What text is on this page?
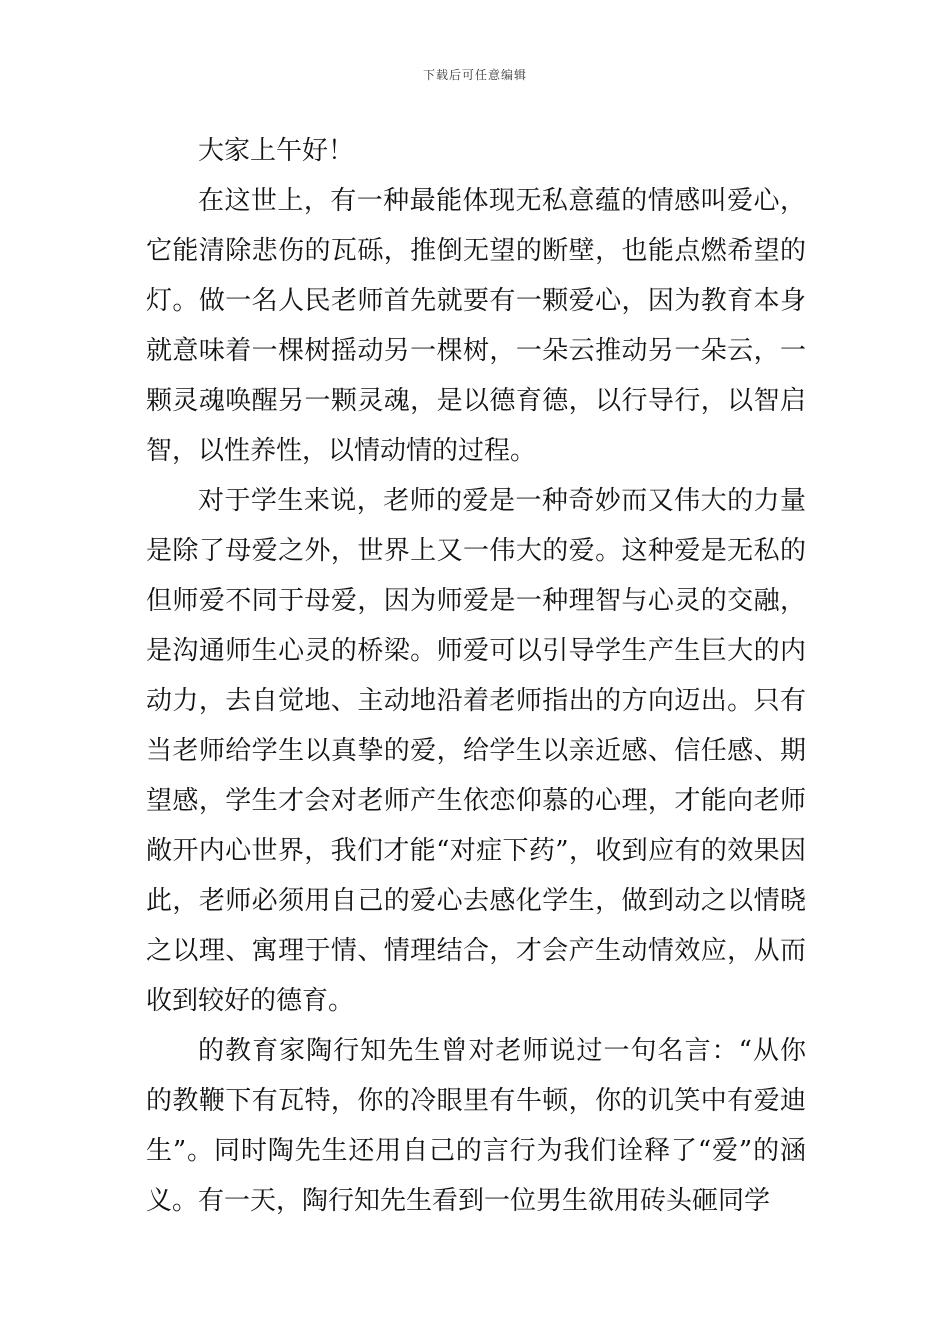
下载后可任意编辑

大家上午好！

在这世上，有一种最能体现无私意蕴的情感叫爱心，它能清除悲伤的瓦砾，推倒无望的断壁，也能点燃希望的灯。做一名人民老师首先就要有一颗爱心，因为教育本身就意味着一棵树摇动另一棵树，一朵云推动另一朵云，一颗灵魂唤醒另一颗灵魂，是以德育德，以行导行，以智启智，以性养性，以情动情的过程。

对于学生来说，老师的爱是一种奇妙而又伟大的力量是除了母爱之外，世界上又一伟大的爱。这种爱是无私的但师爱不同于母爱，因为师爱是一种理智与心灵的交融，是沟通师生心灵的桥梁。师爱可以引导学生产生巨大的内动力，去自觉地、主动地沿着老师指出的方向迈出。只有当老师给学生以真挚的爱，给学生以亲近感、信任感、期望感，学生才会对老师产生依恋仰慕的心理，才能向老师敞开内心世界，我们才能“对症下药”，收到应有的效果因此，老师必须用自己的爱心去感化学生，做到动之以情晓之以理、寓理于情、情理结合，才会产生动情效应，从而收到较好的德育。

的教育家陶行知先生曾对老师说过一句名言：“从你的教鞭下有瓦特，你的冷眼里有牛顿，你的讥笑中有爱迪生”。同时陶先生还用自己的言行为我们诠释了“爱”的涵义。有一天，陶行知先生看到一位男生欲用砖头砸同学
